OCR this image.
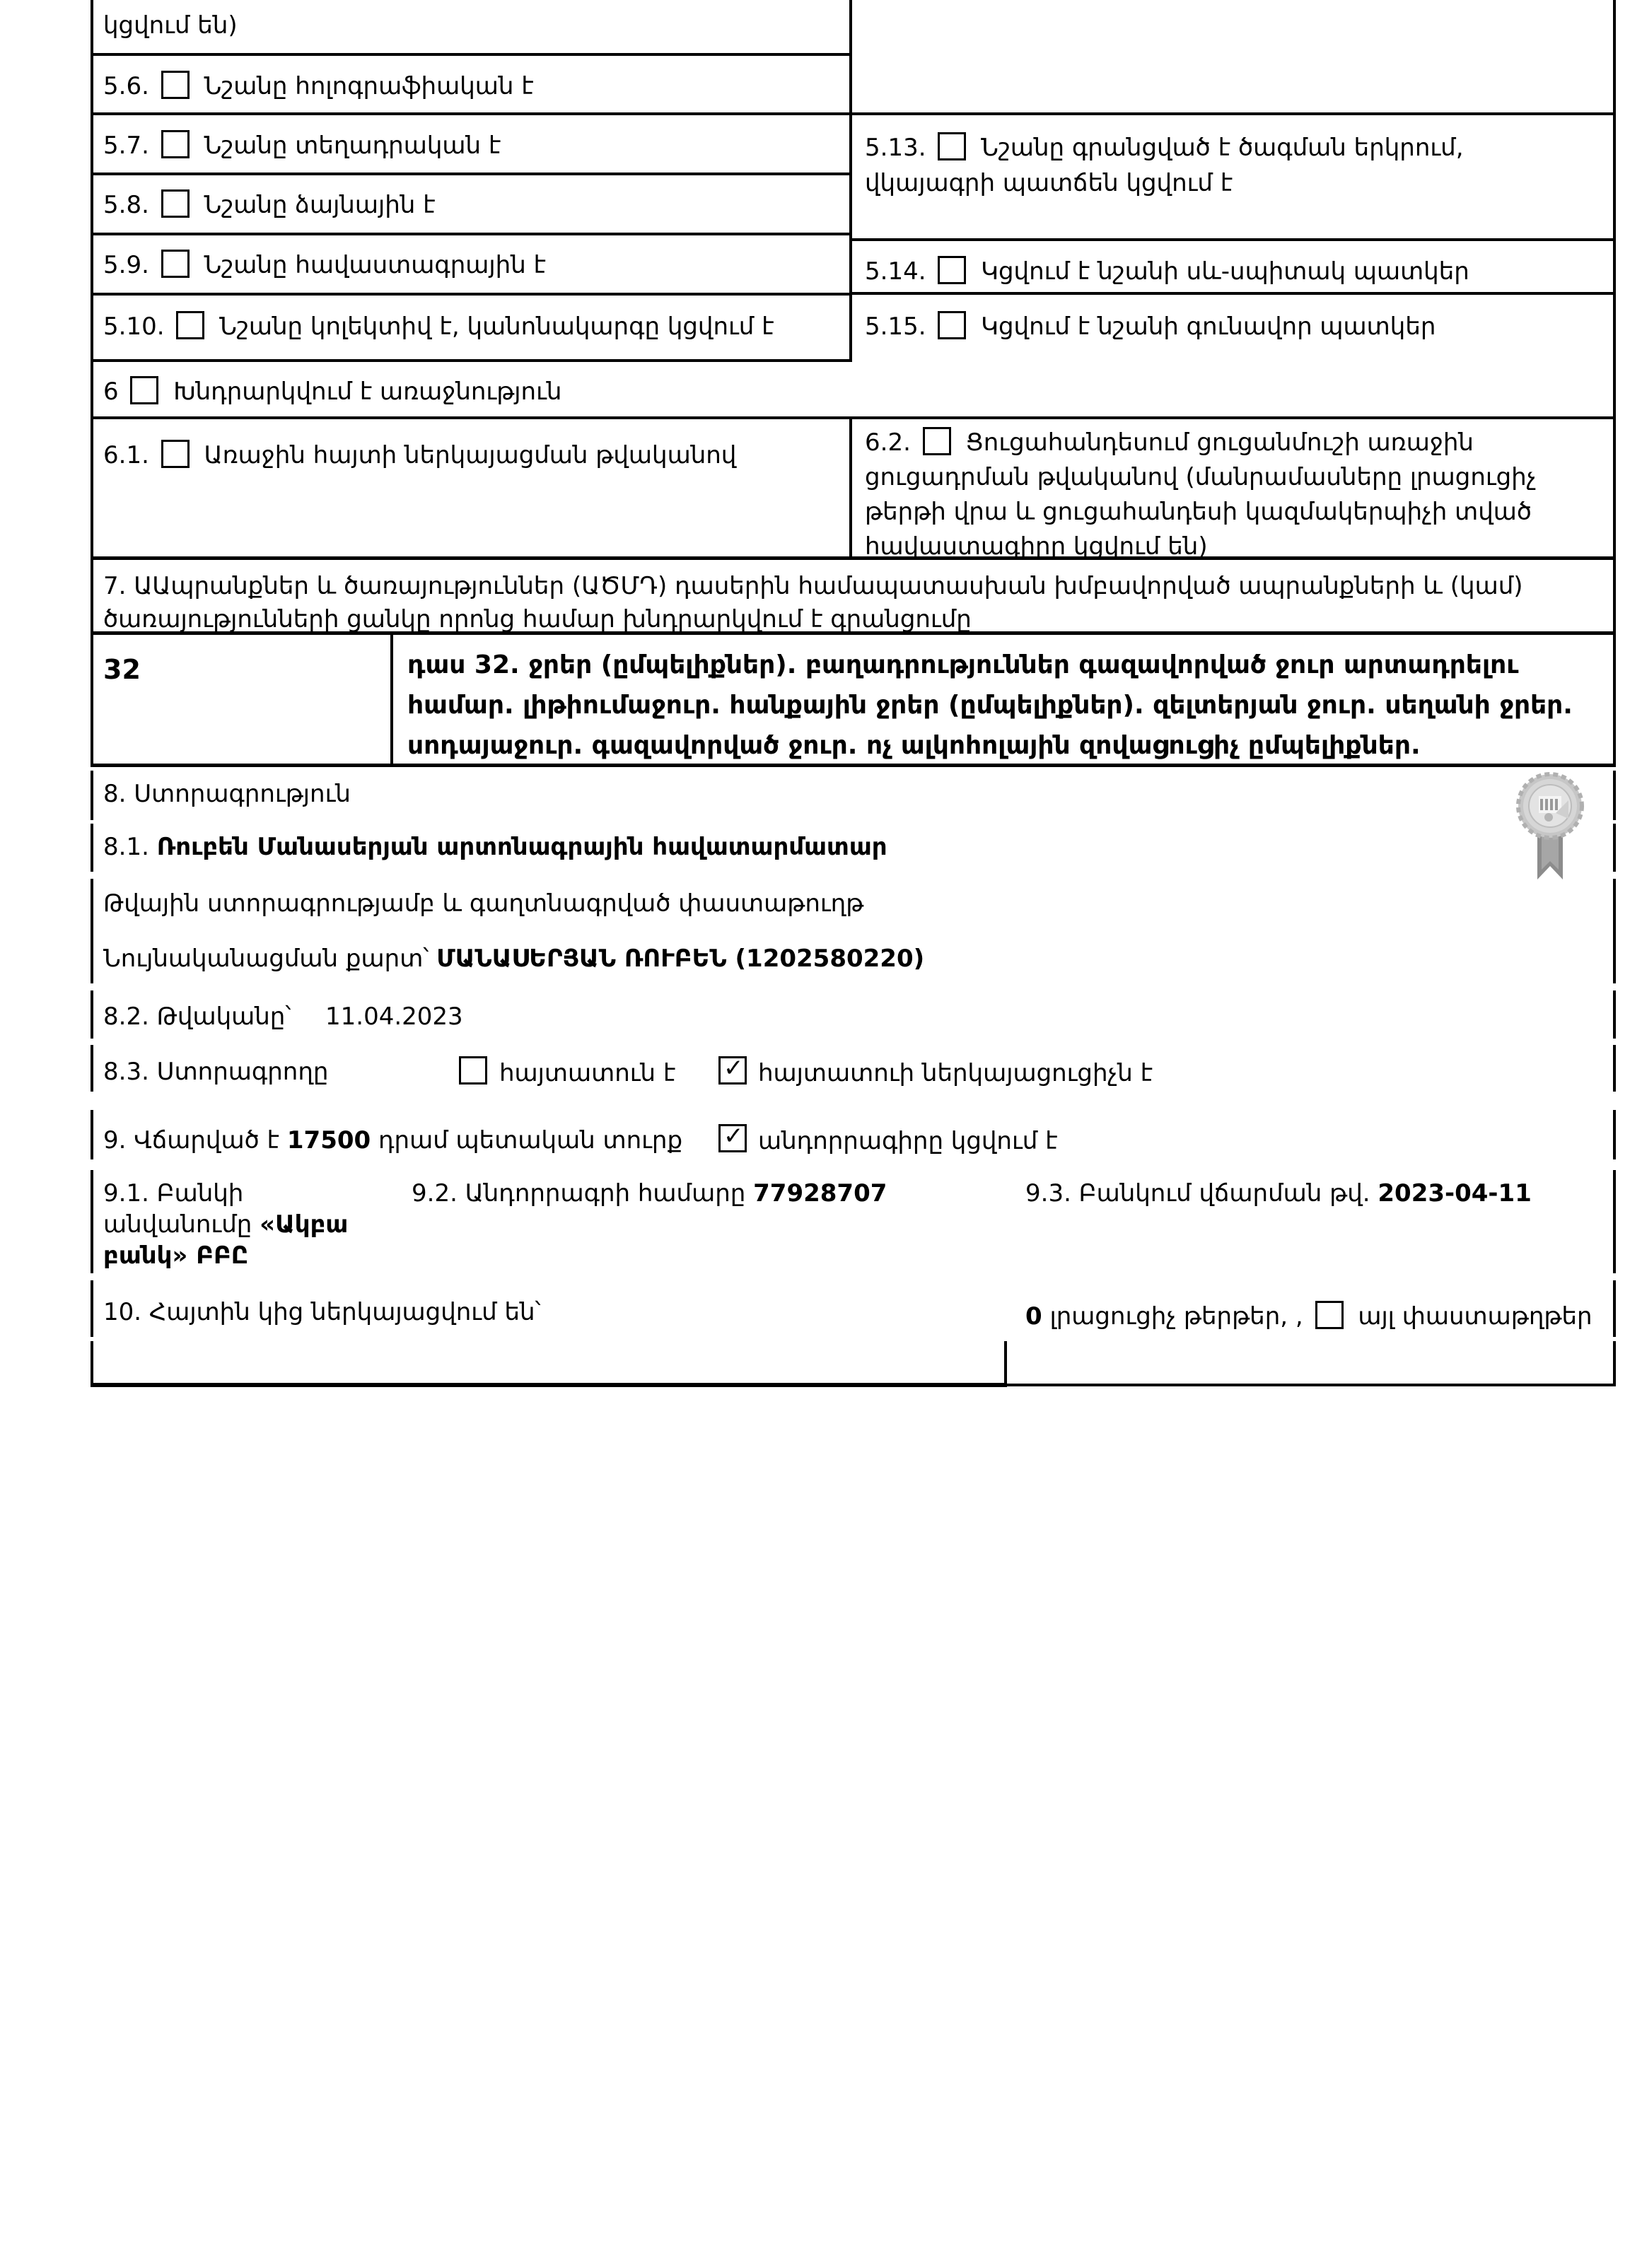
կցվում են)
5.6. Նշանը հոլոգրաֆիական է
5.7. Նշանը տեղադրական է
5.8. Նշանը ձայնային է
5.9. Նշանը հավաստագրային է
5.10. Նշանը կոլեկտիվ է, կանոնակարգը կցվում է
5.13. Նշանը գրանցված է ծագման երկրում, վկայագրի պատճեն կցվում է
5.14. Կցվում է նշանի սև-սպիտակ պատկեր
5.15. Կցվում է նշանի գունավոր պատկեր
6 Խնդրարկվում է առաջնություն
6.1. Առաջին հայտի ներկայացման թվականով	6.2. Ցուցահանդեսում ցուցանմուշի առաջին ցուցադրման թվականով (մանրամասները լրացուցիչ թերթի վրա և ցուցահանդեսի կազմակերպիչի տված հավաստագիրը կցվում են)
7. ԱԱպրանքներ և ծառայություններ (ԱԾՄԴ) դասերին համապատասխան խմբավորված ապրանքների և (կամ) ծառայությունների ցանկը որոնց համար խնդրարկվում է գրանցումը
32	դաս 32. ջրեր (ըմպելիքներ). բաղադրություններ գազավորված ջուր արտադրելու համար. լիթիումաջուր. հանքային ջրեր (ըմպելիքներ). զելտերյան ջուր. սեղանի ջրեր. սոդայաջուր. գազավորված ջուր. ոչ ալկոհոլային զովացուցիչ ըմպելիքներ.
8. Ստորագրություն
8.1. Ռուբեն Մանասերյան արտոնագրային հավատարմատար
Թվային ստորագրությամբ և գաղտնագրված փաստաթուղթ
Նույնականացման քարտ՝ ՄԱՆԱՍԵՐՅԱՆ ՌՈՒԲԵՆ (1202580220)
8.2. Թվականը՝ 11.04.2023
8.3. Ստորագրողը	հայտատուն է ✓	հայտատուի ներկայացուցիչն է
9. Վճարված է 17500 դրամ պետական տուրք ✓	անդորրագիրը կցվում է
9.1. Բանկի
անվանումը «Ակբա
բանկ» ԲԲԸ
9.2. Անդորրագրի համարը 77928707	9.3. Բանկում վճարման թվ. 2023-04-11
10. Հայտին կից ներկայացվում են՝	0 լրացուցիչ թերթեր, , այլ փաստաթղթեր
